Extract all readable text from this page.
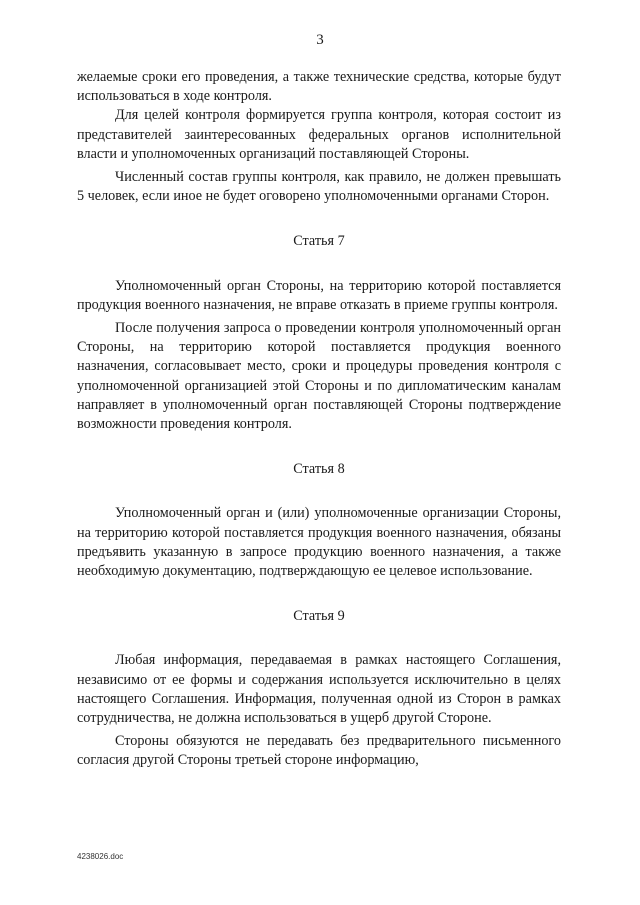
3

желаемые сроки его проведения, а также технические средства, которые будут использоваться в ходе контроля.

Для целей контроля формируется группа контроля, которая состоит из представителей заинтересованных федеральных органов исполнительной власти и уполномоченных организаций поставляющей Стороны.

Численный состав группы контроля, как правило, не должен превышать 5 человек, если иное не будет оговорено уполномоченными органами Сторон.

Статья 7

Уполномоченный орган Стороны, на территорию которой поставляется продукция военного назначения, не вправе отказать в приеме группы контроля.

После получения запроса о проведении контроля уполномоченный орган Стороны, на территорию которой поставляется продукция военного назначения, согласовывает место, сроки и процедуры проведения контроля с уполномоченной организацией этой Стороны и по дипломатическим каналам направляет в уполномоченный орган поставляющей Стороны подтверждение возможности проведения контроля.

Статья 8

Уполномоченный орган и (или) уполномоченные организации Стороны, на территорию которой поставляется продукция военного назначения, обязаны предъявить указанную в запросе продукцию военного назначения, а также необходимую документацию, подтверждающую ее целевое использование.

Статья 9

Любая информация, передаваемая в рамках настоящего Соглашения, независимо от ее формы и содержания используется исключительно в целях настоящего Соглашения. Информация, полученная одной из Сторон в рамках сотрудничества, не должна использоваться в ущерб другой Стороне.

Стороны обязуются не передавать без предварительного письменного согласия другой Стороны третьей стороне информацию,

4238026.doc
